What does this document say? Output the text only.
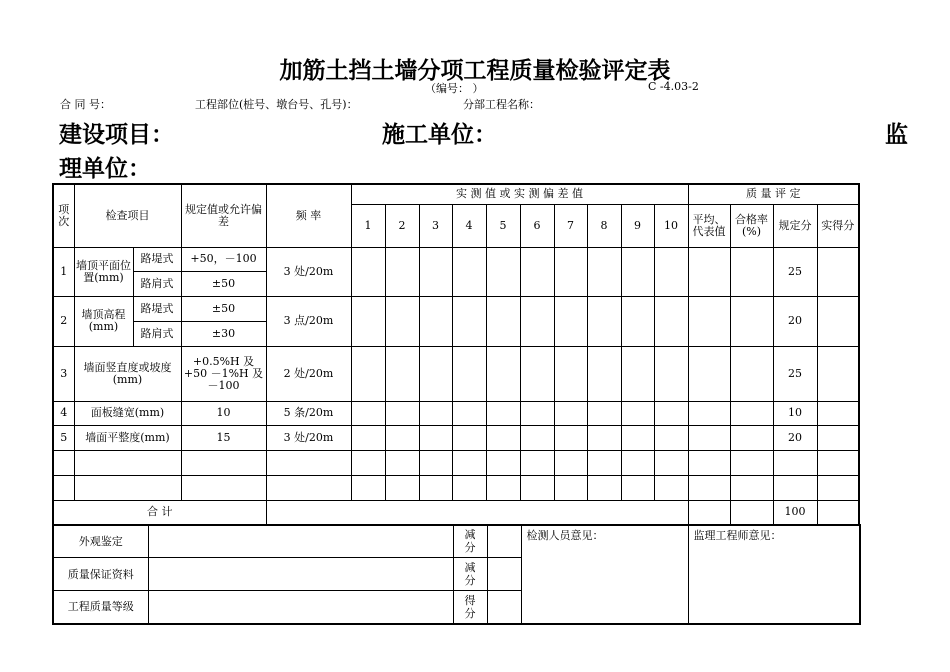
加筋土挡土墙分项工程质量检验评定表
（编号： ）	C -4.03-2
合 同 号：	工程部位(桩号、墩台号、孔号)：	分部工程名称：
建设项目：	施工单位：	监
理单位：
项次	检查项目		规定值或允许偏差	频 率	实 测 值 或 实 测 偏 差 值										质 量 评 定			
					1	2	3	4	5	6	7	8	9	10	平均、代表值	合格率(%)	规定分	实得分
1	墙顶平面位置(mm)	路堤式	+50，－100	3 处/20m													25	
		路肩式	±50															
2	墙顶高程(mm)	路堤式	±50	3 点/20m													20	
		路肩式	±30															
3	墙面竖直度或坡度(mm)		+0.5%H 及+50 －1%H 及－100	2 处/20m													25	
4	面板缝宽(mm)		10	5 条/20m													10	
5	墙面平整度(mm)		15	3 处/20m													20	

合 计																	100	
外观鉴定		减分		检测人员意见：	监理工程师意见：
质量保证资料		减分			
工程质量等级		得分			
